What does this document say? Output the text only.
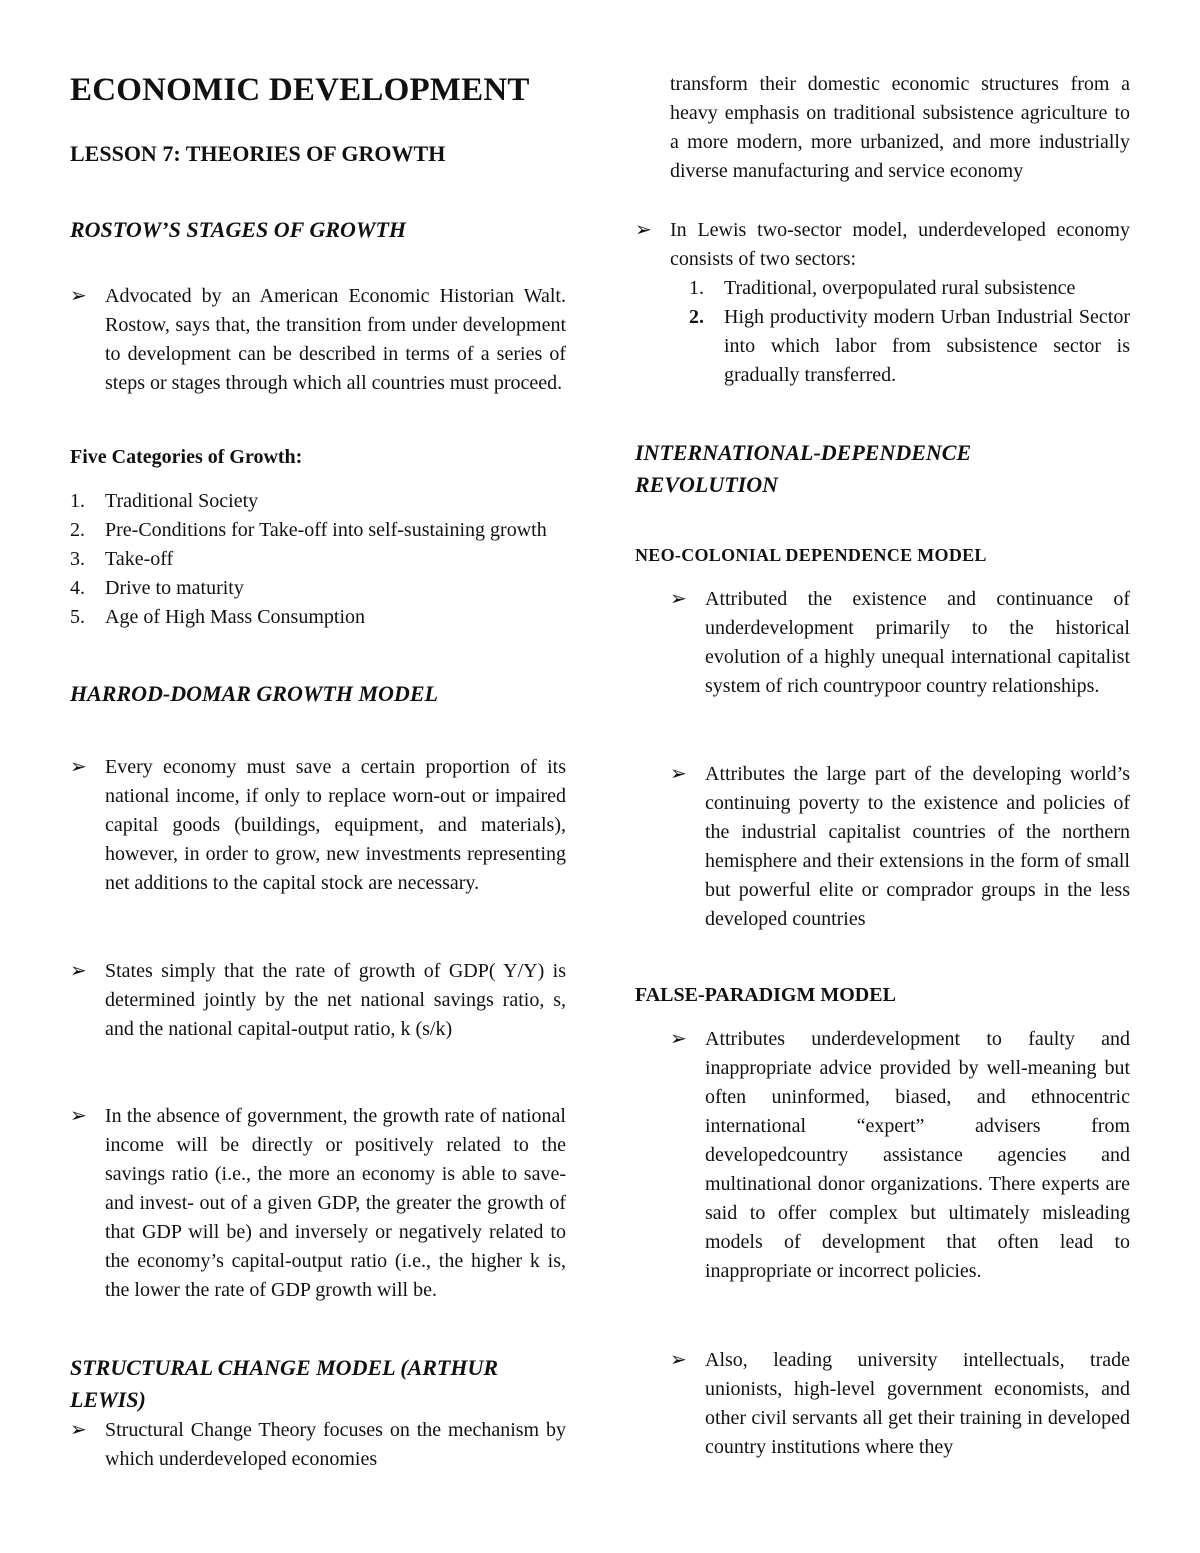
ECONOMIC DEVELOPMENT
LESSON 7: THEORIES OF GROWTH
ROSTOW’S STAGES OF GROWTH
➢ Advocated by an American Economic Historian Walt. Rostow, says that, the transition from under development to development can be described in terms of a series of steps or stages through which all countries must proceed.
Five Categories of Growth:
1.	Traditional Society
2.	Pre-Conditions for Take-off into self-sustaining growth
3.	Take-off
4.	Drive to maturity
5.	Age of High Mass Consumption
HARROD-DOMAR GROWTH MODEL
➢ Every economy must save a certain proportion of its national income, if only to replace worn-out or impaired capital goods (buildings, equipment, and materials), however, in order to grow, new investments representing net additions to the capital stock are necessary.
➢ States simply that the rate of growth of GDP( Y/Y) is determined jointly by the net national savings ratio, s, and the national capital-output ratio, k (s/k)
➢ In the absence of government, the growth rate of national income will be directly or positively related to the savings ratio (i.e., the more an economy is able to save- and invest- out of a given GDP, the greater the growth of that GDP will be) and inversely or negatively related to the economy’s capital-output ratio (i.e., the higher k is, the lower the rate of GDP growth will be.
STRUCTURAL CHANGE MODEL (ARTHUR LEWIS)
➢ Structural Change Theory focuses on the mechanism by which underdeveloped economies
transform their domestic economic structures from a heavy emphasis on traditional subsistence agriculture to a more modern, more urbanized, and more industrially diverse manufacturing and service economy
➢ In Lewis two-sector model, underdeveloped economy consists of two sectors:
1.	Traditional, overpopulated rural subsistence
2.	High productivity modern Urban Industrial Sector into which labor from subsistence sector is gradually transferred.
INTERNATIONAL-DEPENDENCE REVOLUTION
NEO-COLONIAL DEPENDENCE MODEL
➢ Attributed the existence and continuance of underdevelopment primarily to the historical evolution of a highly unequal international capitalist system of rich countrypoor country relationships.
➢ Attributes the large part of the developing world’s continuing poverty to the existence and policies of the industrial capitalist countries of the northern hemisphere and their extensions in the form of small but powerful elite or comprador groups in the less developed countries
FALSE-PARADIGM MODEL
➢ Attributes underdevelopment to faulty and inappropriate advice provided by well-meaning but often uninformed, biased, and ethnocentric international “expert” advisers from developedcountry assistance agencies and multinational donor organizations. There experts are said to offer complex but ultimately misleading models of development that often lead to inappropriate or incorrect policies.
➢ Also, leading university intellectuals, trade unionists, high-level government economists, and other civil servants all get their training in developed country institutions where they
